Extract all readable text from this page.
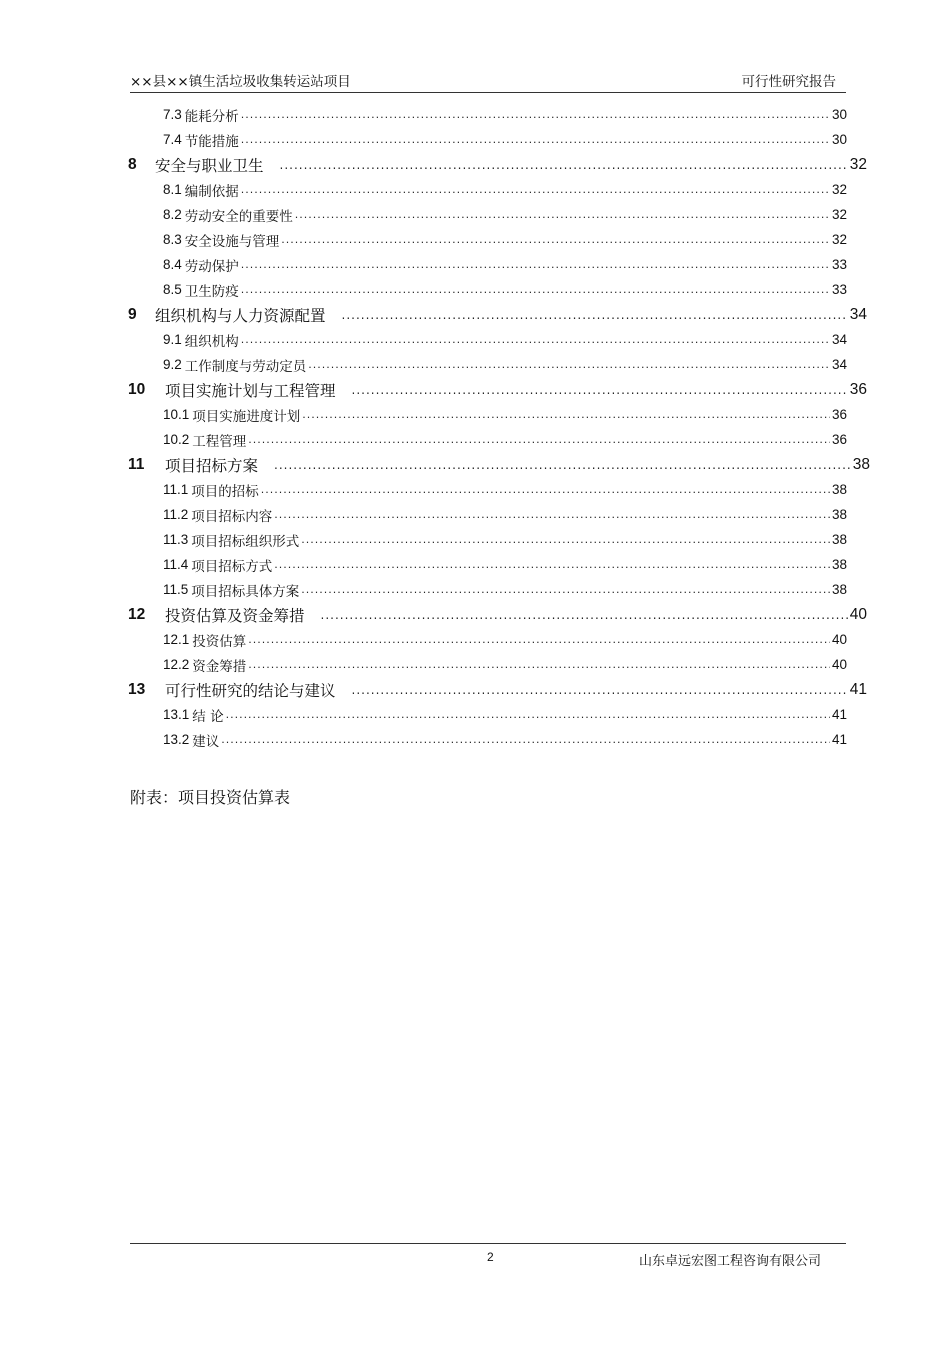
××县××镇生活垃圾收集转运站项目	可行性研究报告
7.3 能耗分析 .....	30
7.4 节能措施 .....	30
8	安全与职业卫生 .....	32
8.1 编制依据 .....	32
8.2 劳动安全的重要性 .....	32
8.3 安全设施与管理 .....	32
8.4 劳动保护 .....	33
8.5 卫生防疫 .....	33
9	组织机构与人力资源配置 .....	34
9.1 组织机构 .....	34
9.2 工作制度与劳动定员 .....	34
10	项目实施计划与工程管理 .....	36
10.1 项目实施进度计划 .....	36
10.2 工程管理 .....	36
11	项目招标方案 .....	38
11.1 项目的招标 .....	38
11.2 项目招标内容 .....	38
11.3 项目招标组织形式 .....	38
11.4 项目招标方式 .....	38
11.5 项目招标具体方案 .....	38
12	投资估算及资金筹措 .....	40
12.1 投资估算 .....	40
12.2 资金筹措 .....	40
13	可行性研究的结论与建议 .....	41
13.1 结 论 .....	41
13.2 建议 .....	41
附表：项目投资估算表
2	山东卓远宏图工程咨询有限公司
